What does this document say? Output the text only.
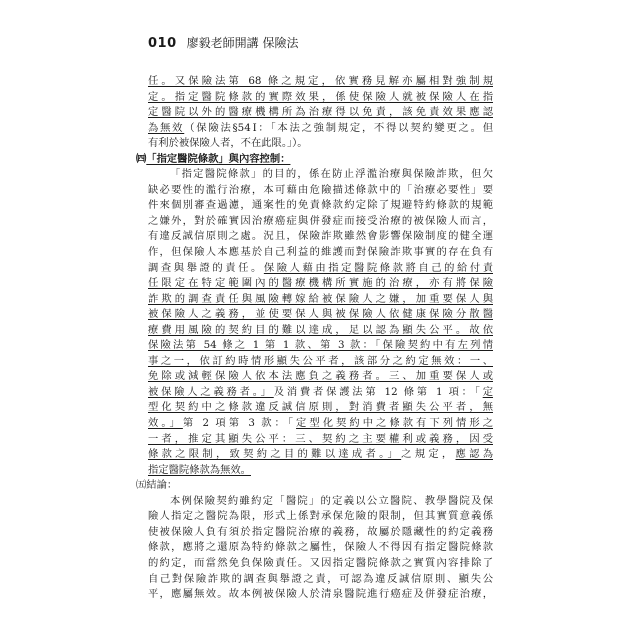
010 廖毅老師開講 保險法
任。又保險法第 68 條之規定，依實務見解亦屬相對強制規
定。指定醫院條款的實際效果，係使保險人就被保險人在指
定醫院以外的醫療機構所為治療得以免責，該免責效果應認
為無效（保險法§54Ⅰ：「本法之強制規定，不得以契約變更之。但
有利於被保險人者，不在此限。」）。
㈣「指定醫院條款」與內容控制：
「指定醫院條款」的目的，係在防止浮濫治療與保險詐欺，但欠
缺必要性的濫行治療，本可藉由危險描述條款中的「治療必要性」要
件來個別審查過濾，通案性的免責條款約定除了規避特約條款的規範
之嫌外，對於確實因治療癌症與併發症而接受治療的被保險人而言，
有違反誠信原則之處。況且，保險詐欺雖然會影響保險制度的健全運
作，但保險人本應基於自己利益的維護而對保險詐欺事實的存在負有
調查與舉證的責任。保險人藉由指定醫院條款將自己的給付責
任限定在特定範圍內的醫療機構所實施的治療，亦有將保險
詐欺的調查責任與風險轉嫁給被保險人之嫌，加重要保人與
被保險人之義務，並使要保人與被保險人依健康保險分散醫
療費用風險的契約目的難以達成，足以認為顯失公平。故依
保險法第 54 條之 1 第 1 款、第 3 款：「保險契約中有左列情
事之一，依訂約時情形顯失公平者，該部分之約定無效：一、
免除或減輕保險人依本法應負之義務者。三、加重要保人或
被保險人之義務者。」及消費者保護法第 12 條第 1 項：「定
型化契約中之條款違反誠信原則，對消費者顯失公平者，無
效。」第 2 項第 3 款：「定型化契約中之條款有下列情形之
一者，推定其顯失公平：三、契約之主要權利或義務，因受
條款之限制，致契約之目的難以達成者。」之規定，應認為
指定醫院條款為無效。
㈤結論：
本例保險契約雖約定「醫院」的定義以公立醫院、教學醫院及保
險人指定之醫院為限，形式上係對承保危險的限制，但其實質意義係
使被保險人負有須於指定醫院治療的義務，故屬於隱藏性的約定義務
條款，應將之還原為特約條款之屬性，保險人不得因有指定醫院條款
的約定，而當然免負保險責任。又因指定醫院條款之實質內容排除了
自己對保險詐欺的調查與舉證之責，可認為違反誠信原則、顯失公
平，應屬無效。故本例被保險人於清泉醫院進行癌症及併發症治療，
